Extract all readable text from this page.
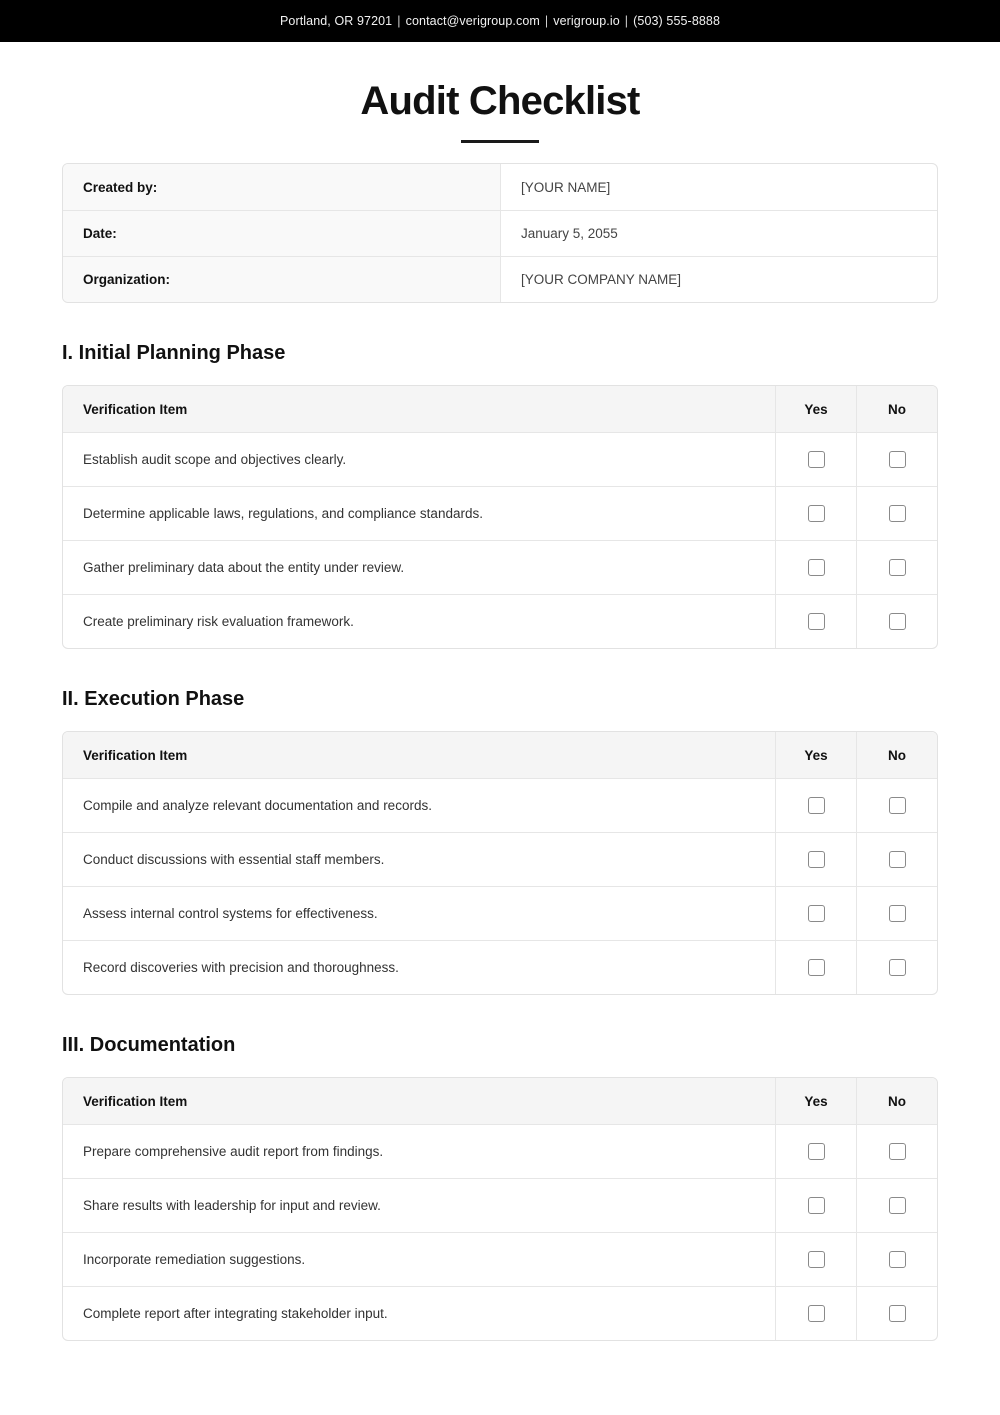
Portland, OR 97201 | contact@verigroup.com | verigroup.io | (503) 555-8888
Audit Checklist
Created by:	[YOUR NAME]
Date:	January 5, 2055
Organization:	[YOUR COMPANY NAME]
I. Initial Planning Phase
Verification Item	Yes	No
Establish audit scope and objectives clearly.
Determine applicable laws, regulations, and compliance standards.
Gather preliminary data about the entity under review.
Create preliminary risk evaluation framework.
II. Execution Phase
Verification Item	Yes	No
Compile and analyze relevant documentation and records.
Conduct discussions with essential staff members.
Assess internal control systems for effectiveness.
Record discoveries with precision and thoroughness.
III. Documentation
Verification Item	Yes	No
Prepare comprehensive audit report from findings.
Share results with leadership for input and review.
Incorporate remediation suggestions.
Complete report after integrating stakeholder input.
